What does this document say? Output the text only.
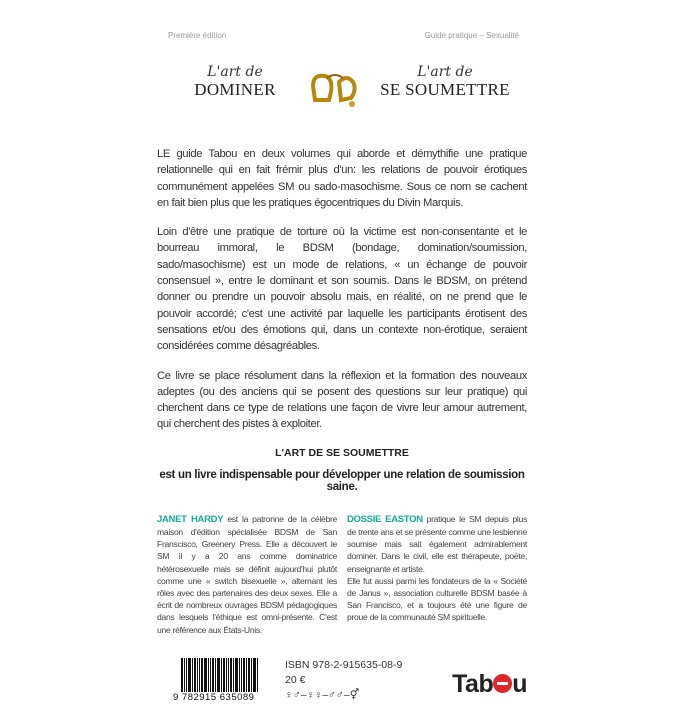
Première édition	Guide pratique – Sexualité
L'art de
DOMINER
L'art de
SE SOUMETTRE

LE guide Tabou en deux volumes qui aborde et démythifie une pratique relationnelle qui en fait frémir plus d'un: les relations de pouvoir érotiques communément appelées SM ou sado-masochisme. Sous ce nom se cachent en fait bien plus que les pratiques égocentriques du Divin Marquis.

Loin d'être une pratique de torture où la victime est non-consentante et le bourreau immoral, le BDSM (bondage, domination/soumission, sado/masochisme) est un mode de relations, « un échange de pouvoir consensuel », entre le dominant et son soumis. Dans le BDSM, on prétend donner ou prendre un pouvoir absolu mais, en réalité, on ne prend que le pouvoir accordé; c'est une activité par laquelle les participants érotisent des sensations et/ou des émotions qui, dans un contexte non-érotique, seraient considérées comme désagréables.

Ce livre se place résolument dans la réflexion et la formation des nouveaux adeptes (ou des anciens qui se posent des questions sur leur pratique) qui cherchent dans ce type de relations une façon de vivre leur amour autrement, qui cherchent des pistes à exploiter.

L'ART DE SE SOUMETTRE
est un livre indispensable pour développer une relation de soumission saine.
JANET HARDY est la patronne de la célèbre maison d'édition spécialisée BDSM de San Franscisco, Greenery Press. Elle a découvert le SM il y a 20 ans comme dominatrice hétérosexuelle mais se définit aujourd'hui plutôt comme une « switch bisexuelle », alternant les rôles avec des partenaires des deux sexes. Elle a écrit de nombreux ouvrages BDSM pédagogiques dans lesquels l'éthique est omni-présente. C'est une référence aux États-Unis.
DOSSIE EASTON pratique le SM depuis plus de trente ans et se présente comme une lesbienne soumise mais sait également admirablement dominer. Dans le civil, elle est thérapeute, poète, enseignante et artiste.
Elle fut aussi parmi les fondateurs de la « Société de Janus », association culturelle BDSM basée à San Francisco, et a toujours été une figure de proue de la communauté SM spirituelle.
9 782915 635089
ISBN 978-2-915635-08-9
20 €
♀♂–♀♀–♂♂–⚥	Tab u
